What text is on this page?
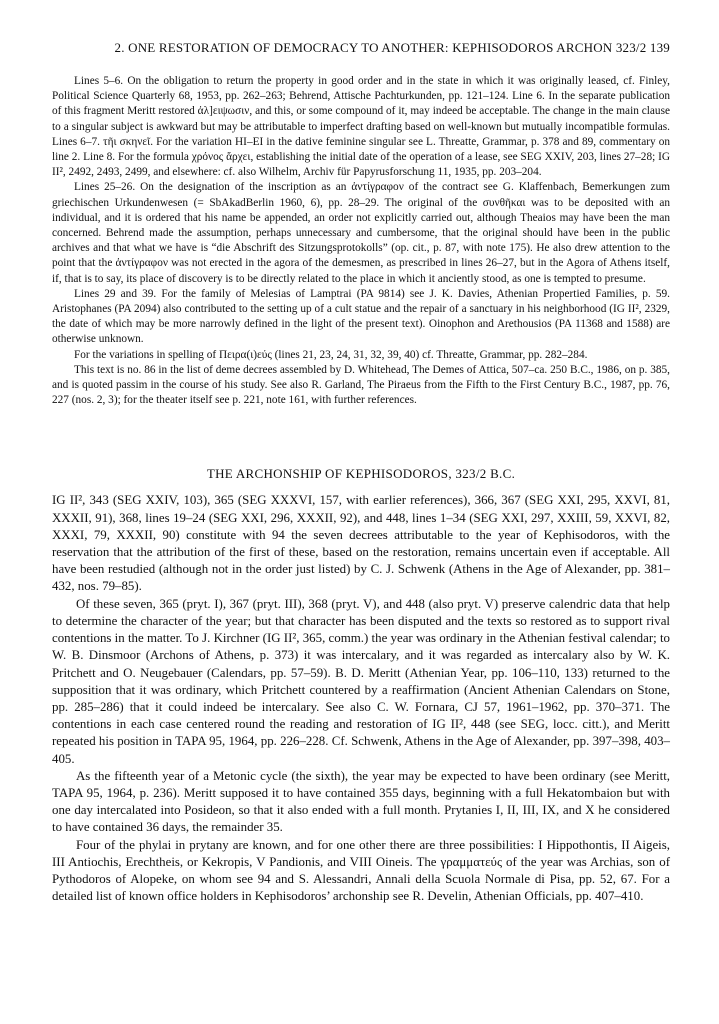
2. ONE RESTORATION OF DEMOCRACY TO ANOTHER: KEPHISODOROS ARCHON 323/2 139

Lines 5–6. On the obligation to return the property in good order and in the state in which it was originally leased, cf. Finley, Political Science Quarterly 68, 1953, pp. 262–263; Behrend, Attische Pachturkunden, pp. 121–124. Line 6. In the separate publication of this fragment Meritt restored ἀλ]ειψωσιν, and this, or some compound of it, may indeed be acceptable. The change in the main clause to a singular subject is awkward but may be attributable to imperfect drafting based on well-known but mutually incompatible formulas. Lines 6–7. τῆι σκηνεῖ. For the variation HI–EI in the dative feminine singular see L. Threatte, Grammar, p. 378 and 89, commentary on line 2. Line 8. For the formula χρόνος ἄρχει, establishing the initial date of the operation of a lease, see SEG XXIV, 203, lines 27–28; IG II², 2492, 2493, 2499, and elsewhere: cf. also Wilhelm, Archiv für Papyrusforschung 11, 1935, pp. 203–204.

Lines 25–26. On the designation of the inscription as an ἀντί̣γραφον of the contract see G. Klaffenbach, Bemerkungen zum griechischen Urkundenwesen (= SbAkadBerlin 1960, 6), pp. 28–29. The original of the συνθῆκαι was to be deposited with an individual, and it is ordered that his name be appended, an order not explicitly carried out, although Theaios may have been the man concerned. Behrend made the assumption, perhaps unnecessary and cumbersome, that the original should have been in the public archives and that what we have is “die Abschrift des Sitzungsprotokolls” (op. cit., p. 87, with note 175). He also drew attention to the point that the ἀντίγραφον was not erected in the agora of the demesmen, as prescribed in lines 26–27, but in the Agora of Athens itself, if, that is to say, its place of discovery is to be directly related to the place in which it anciently stood, as one is tempted to presume.

Lines 29 and 39. For the family of Melesias of Lamptrai (PA 9814) see J. K. Davies, Athenian Propertied Families, p. 59. Aristophanes (PA 2094) also contributed to the setting up of a cult statue and the repair of a sanctuary in his neighborhood (IG II², 2329, the date of which may be more narrowly defined in the light of the present text). Oinophon and Arethousios (PA 11368 and 1588) are otherwise unknown.

For the variations in spelling of Πειρα(ι)εύς (lines 21, 23, 24, 31, 32, 39, 40) cf. Threatte, Grammar, pp. 282–284.

This text is no. 86 in the list of deme decrees assembled by D. Whitehead, The Demes of Attica, 507–ca. 250 B.C., 1986, on p. 385, and is quoted passim in the course of his study. See also R. Garland, The Piraeus from the Fifth to the First Century B.C., 1987, pp. 76, 227 (nos. 2, 3); for the theater itself see p. 221, note 161, with further references.

THE ARCHONSHIP OF KEPHISODOROS, 323/2 B.C.

IG II², 343 (SEG XXIV, 103), 365 (SEG XXXVI, 157, with earlier references), 366, 367 (SEG XXI, 295, XXVI, 81, XXXII, 91), 368, lines 19–24 (SEG XXI, 296, XXXII, 92), and 448, lines 1–34 (SEG XXI, 297, XXIII, 59, XXVI, 82, XXXI, 79, XXXII, 90) constitute with 94 the seven decrees attributable to the year of Kephisodoros, with the reservation that the attribution of the first of these, based on the restoration, remains uncertain even if acceptable. All have been restudied (although not in the order just listed) by C. J. Schwenk (Athens in the Age of Alexander, pp. 381–432, nos. 79–85).

Of these seven, 365 (pryt. I), 367 (pryt. III), 368 (pryt. V), and 448 (also pryt. V) preserve calendric data that help to determine the character of the year; but that character has been disputed and the texts so restored as to support rival contentions in the matter. To J. Kirchner (IG II², 365, comm.) the year was ordinary in the Athenian festival calendar; to W. B. Dinsmoor (Archons of Athens, p. 373) it was intercalary, and it was regarded as intercalary also by W. K. Pritchett and O. Neugebauer (Calendars, pp. 57–59). B. D. Meritt (Athenian Year, pp. 106–110, 133) returned to the supposition that it was ordinary, which Pritchett countered by a reaffirmation (Ancient Athenian Calendars on Stone, pp. 285–286) that it could indeed be intercalary. See also C. W. Fornara, CJ 57, 1961–1962, pp. 370–371. The contentions in each case centered round the reading and restoration of IG II², 448 (see SEG, locc. citt.), and Meritt repeated his position in TAPA 95, 1964, pp. 226–228. Cf. Schwenk, Athens in the Age of Alexander, pp. 397–398, 403–405.

As the fifteenth year of a Metonic cycle (the sixth), the year may be expected to have been ordinary (see Meritt, TAPA 95, 1964, p. 236). Meritt supposed it to have contained 355 days, beginning with a full Hekatombaion but with one day intercalated into Posideon, so that it also ended with a full month. Prytanies I, II, III, IX, and X he considered to have contained 36 days, the remainder 35.

Four of the phylai in prytany are known, and for one other there are three possibilities: I Hippothontis, II Aigeis, III Antiochis, Erechtheis, or Kekropis, V Pandionis, and VIII Oineis. The γραμματεύς of the year was Archias, son of Pythodoros of Alopeke, on whom see 94 and S. Alessandri, Annali della Scuola Normale di Pisa, pp. 52, 67. For a detailed list of known office holders in Kephisodoros’ archonship see R. Develin, Athenian Officials, pp. 407–410.
